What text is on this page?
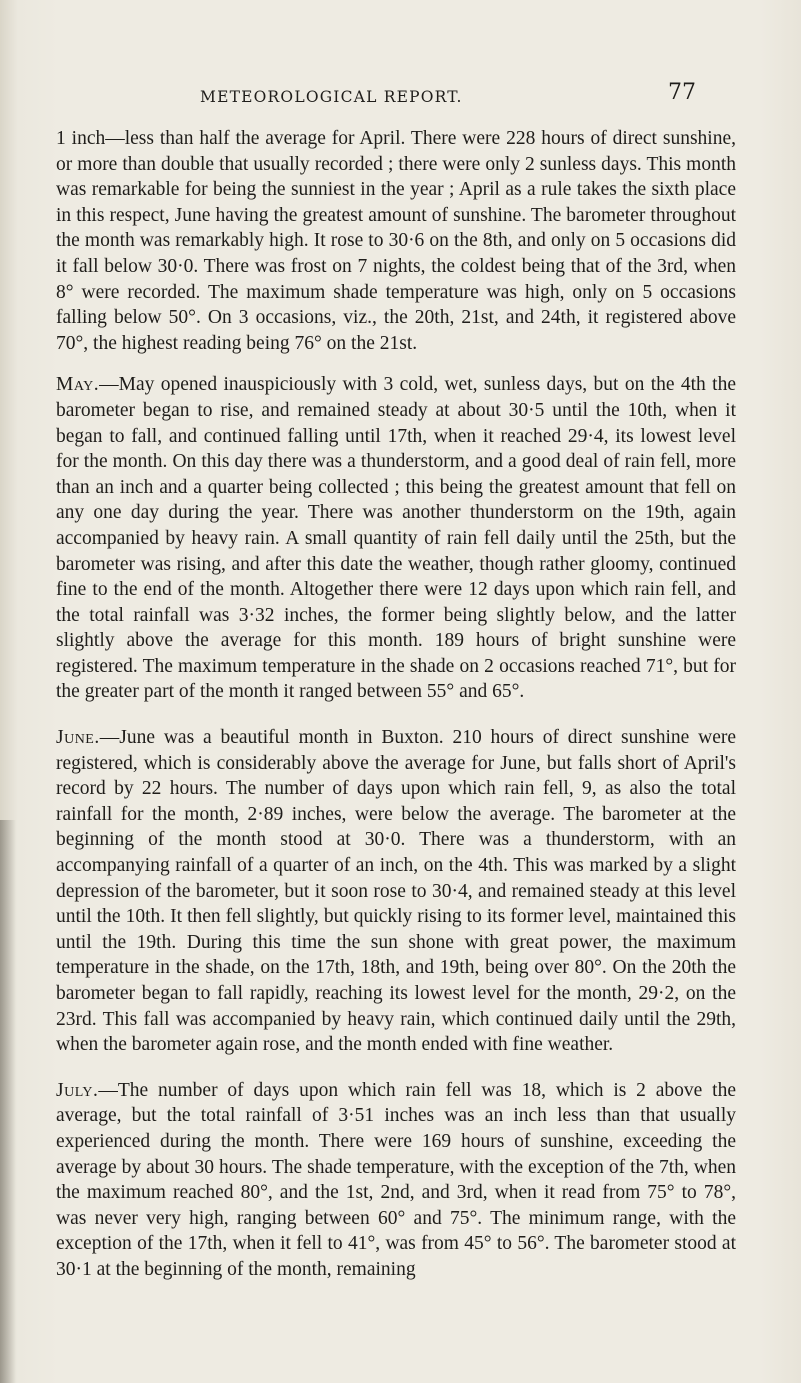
METEOROLOGICAL REPORT.	77

1 inch—less than half the average for April. There were 228 hours of direct sunshine, or more than double that usually recorded ; there were only 2 sunless days. This month was remarkable for being the sunniest in the year ; April as a rule takes the sixth place in this respect, June having the greatest amount of sunshine. The barometer throughout the month was remarkably high. It rose to 30·6 on the 8th, and only on 5 occasions did it fall below 30·0. There was frost on 7 nights, the coldest being that of the 3rd, when 8° were recorded. The maximum shade temperature was high, only on 5 occasions falling below 50°. On 3 occasions, viz., the 20th, 21st, and 24th, it registered above 70°, the highest reading being 76° on the 21st.

May.—May opened inauspiciously with 3 cold, wet, sunless days, but on the 4th the barometer began to rise, and remained steady at about 30·5 until the 10th, when it began to fall, and continued falling until 17th, when it reached 29·4, its lowest level for the month. On this day there was a thunderstorm, and a good deal of rain fell, more than an inch and a quarter being collected ; this being the greatest amount that fell on any one day during the year. There was another thunderstorm on the 19th, again accompanied by heavy rain. A small quantity of rain fell daily until the 25th, but the barometer was rising, and after this date the weather, though rather gloomy, continued fine to the end of the month. Altogether there were 12 days upon which rain fell, and the total rainfall was 3·32 inches, the former being slightly below, and the latter slightly above the average for this month. 189 hours of bright sunshine were registered. The maximum temperature in the shade on 2 occasions reached 71°, but for the greater part of the month it ranged between 55° and 65°.

June.—June was a beautiful month in Buxton. 210 hours of direct sunshine were registered, which is considerably above the average for June, but falls short of April's record by 22 hours. The number of days upon which rain fell, 9, as also the total rainfall for the month, 2·89 inches, were below the average. The barometer at the beginning of the month stood at 30·0. There was a thunderstorm, with an accompanying rainfall of a quarter of an inch, on the 4th. This was marked by a slight depression of the barometer, but it soon rose to 30·4, and remained steady at this level until the 10th. It then fell slightly, but quickly rising to its former level, maintained this until the 19th. During this time the sun shone with great power, the maximum temperature in the shade, on the 17th, 18th, and 19th, being over 80°. On the 20th the barometer began to fall rapidly, reaching its lowest level for the month, 29·2, on the 23rd. This fall was accompanied by heavy rain, which continued daily until the 29th, when the barometer again rose, and the month ended with fine weather.

July.—The number of days upon which rain fell was 18, which is 2 above the average, but the total rainfall of 3·51 inches was an inch less than that usually experienced during the month. There were 169 hours of sunshine, exceeding the average by about 30 hours. The shade temperature, with the exception of the 7th, when the maximum reached 80°, and the 1st, 2nd, and 3rd, when it read from 75° to 78°, was never very high, ranging between 60° and 75°. The minimum range, with the exception of the 17th, when it fell to 41°, was from 45° to 56°. The barometer stood at 30·1 at the beginning of the month, remaining
